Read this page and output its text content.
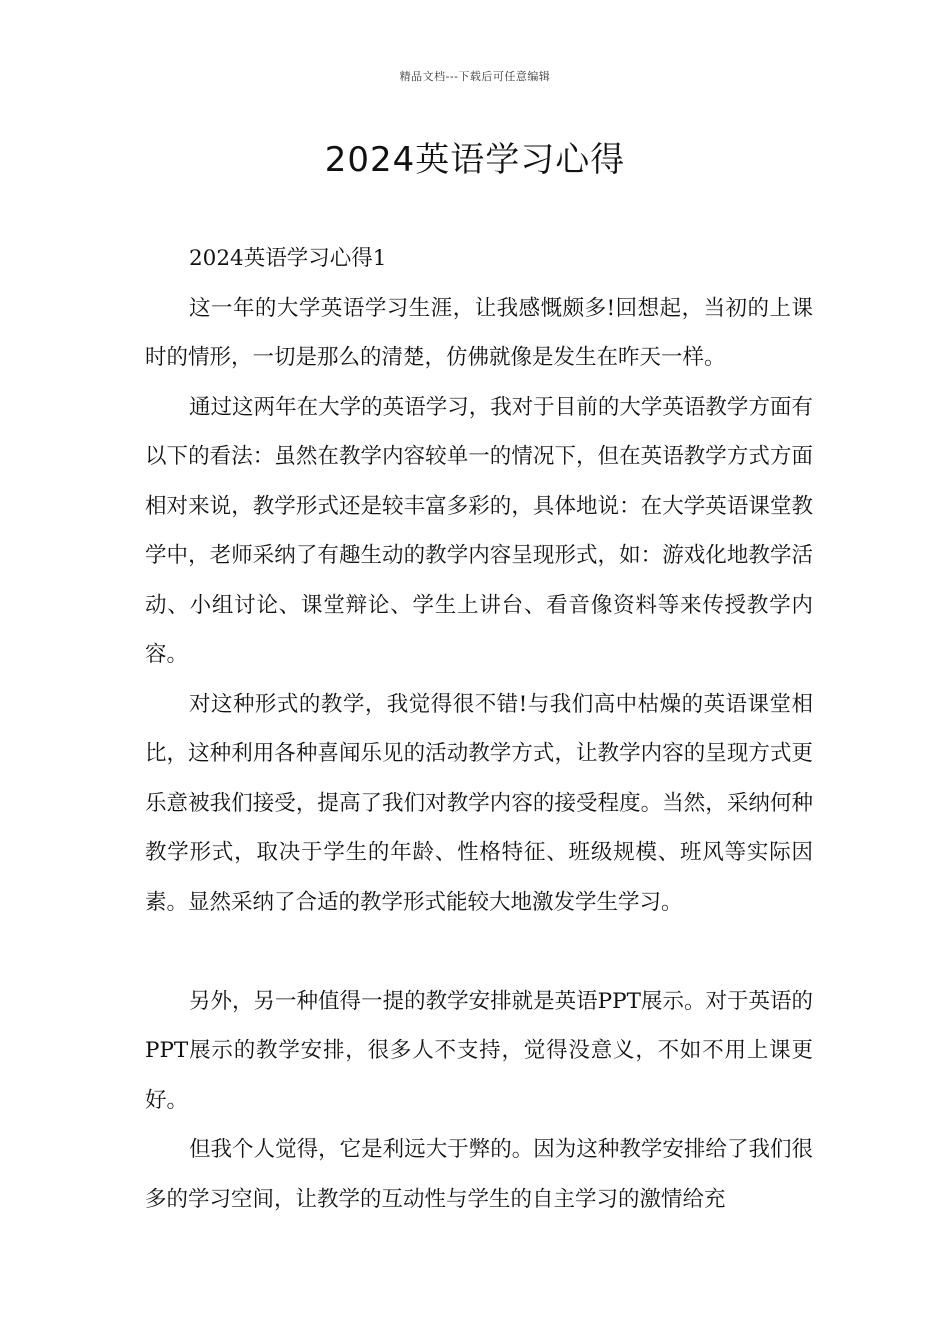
精品文档---下载后可任意编辑
2024英语学习心得

2024英语学习心得1

这一年的大学英语学习生涯，让我感慨颇多!回想起，当初的上课时的情形，一切是那么的清楚，仿佛就像是发生在昨天一样。

通过这两年在大学的英语学习，我对于目前的大学英语教学方面有以下的看法：虽然在教学内容较单一的情况下，但在英语教学方式方面相对来说，教学形式还是较丰富多彩的，具体地说：在大学英语课堂教学中，老师采纳了有趣生动的教学内容呈现形式，如：游戏化地教学活动、小组讨论、课堂辩论、学生上讲台、看音像资料等来传授教学内容。

对这种形式的教学，我觉得很不错!与我们高中枯燥的英语课堂相比，这种利用各种喜闻乐见的活动教学方式，让教学内容的呈现方式更乐意被我们接受，提高了我们对教学内容的接受程度。当然，采纳何种教学形式，取决于学生的年龄、性格特征、班级规模、班风等实际因素。显然采纳了合适的教学形式能较大地激发学生学习。

另外，另一种值得一提的教学安排就是英语PPT展示。对于英语的PPT展示的教学安排，很多人不支持，觉得没意义，不如不用上课更好。

但我个人觉得，它是利远大于弊的。因为这种教学安排给了我们很多的学习空间，让教学的互动性与学生的自主学习的激情给充
